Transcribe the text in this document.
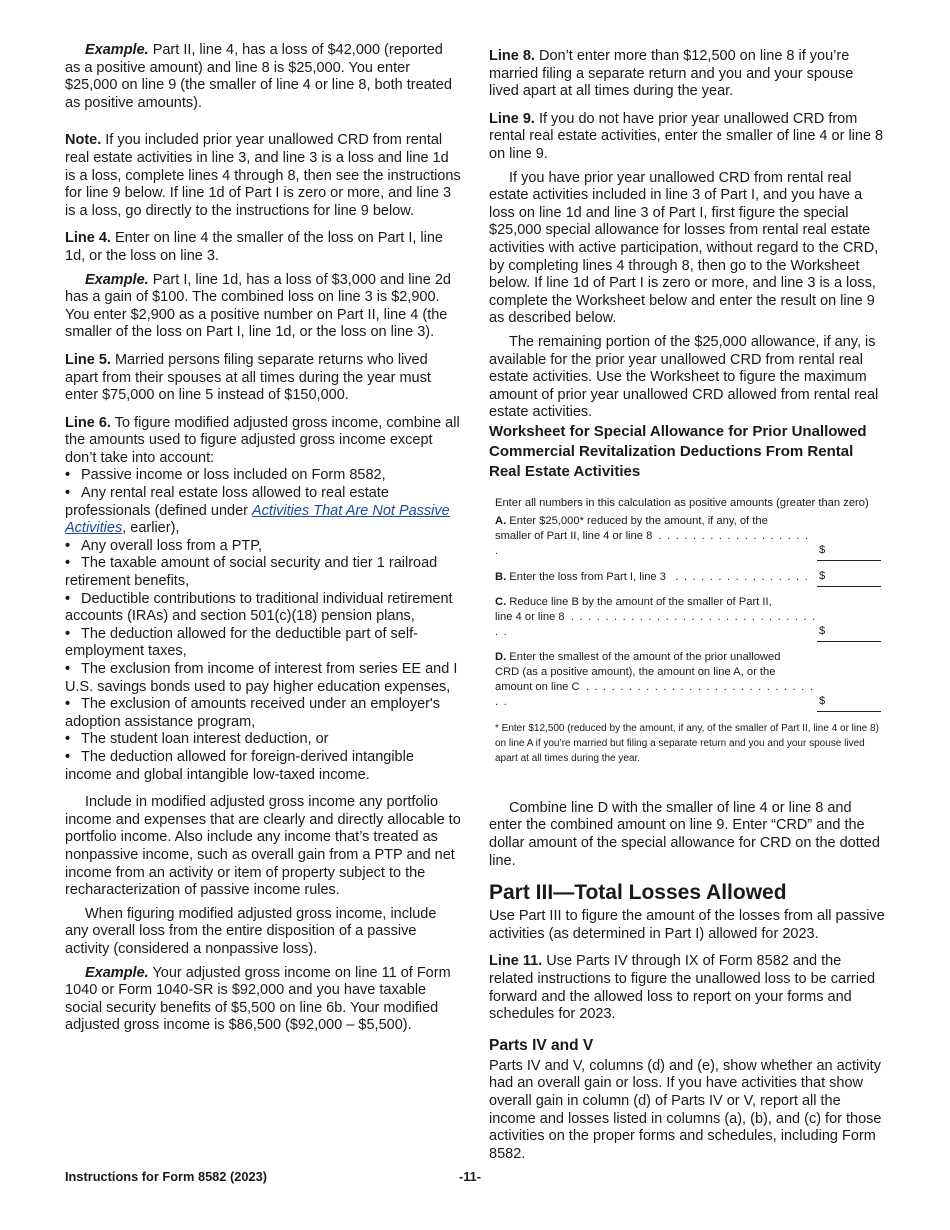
Example. Part II, line 4, has a loss of $42,000 (reported as a positive amount) and line 8 is $25,000. You enter $25,000 on line 9 (the smaller of line 4 or line 8, both treated as positive amounts).

Note. If you included prior year unallowed CRD from rental real estate activities in line 3, and line 3 is a loss and line 1d is a loss, complete lines 4 through 8, then see the instructions for line 9 below. If line 1d of Part I is zero or more, and line 3 is a loss, go directly to the instructions for line 9 below.

Line 4. Enter on line 4 the smaller of the loss on Part I, line 1d, or the loss on line 3.

Example. Part I, line 1d, has a loss of $3,000 and line 2d has a gain of $100. The combined loss on line 3 is $2,900. You enter $2,900 as a positive number on Part II, line 4 (the smaller of the loss on Part I, line 1d, or the loss on line 3).

Line 5. Married persons filing separate returns who lived apart from their spouses at all times during the year must enter $75,000 on line 5 instead of $150,000.

Line 6. To figure modified adjusted gross income, combine all the amounts used to figure adjusted gross income except don’t take into account:

• Passive income or loss included on Form 8582,
• Any rental real estate loss allowed to real estate professionals (defined under Activities That Are Not Passive Activities, earlier),
• Any overall loss from a PTP,
• The taxable amount of social security and tier 1 railroad retirement benefits,
• Deductible contributions to traditional individual retirement accounts (IRAs) and section 501(c)(18) pension plans,
• The deduction allowed for the deductible part of self-employment taxes,
• The exclusion from income of interest from series EE and I U.S. savings bonds used to pay higher education expenses,
• The exclusion of amounts received under an employer's adoption assistance program,
• The student loan interest deduction, or
• The deduction allowed for foreign-derived intangible income and global intangible low-taxed income.

Include in modified adjusted gross income any portfolio income and expenses that are clearly and directly allocable to portfolio income. Also include any income that’s treated as nonpassive income, such as overall gain from a PTP and net income from an activity or item of property subject to the recharacterization of passive income rules.

When figuring modified adjusted gross income, include any overall loss from the entire disposition of a passive activity (considered a nonpassive loss).

Example. Your adjusted gross income on line 11 of Form 1040 or Form 1040-SR is $92,000 and you have taxable social security benefits of $5,500 on line 6b. Your modified adjusted gross income is $86,500 ($92,000 – $5,500).

Line 8. Don’t enter more than $12,500 on line 8 if you’re married filing a separate return and you and your spouse lived apart at all times during the year.

Line 9. If you do not have prior year unallowed CRD from rental real estate activities, enter the smaller of line 4 or line 8 on line 9.

If you have prior year unallowed CRD from rental real estate activities included in line 3 of Part I, and you have a loss on line 1d and line 3 of Part I, first figure the special $25,000 special allowance for losses from rental real estate activities with active participation, without regard to the CRD, by completing lines 4 through 8, then go to the Worksheet below. If line 1d of Part I is zero or more, and line 3 is a loss, complete the Worksheet below and enter the result on line 9 as described below.

The remaining portion of the $25,000 allowance, if any, is available for the prior year unallowed CRD from rental real estate activities. Use the Worksheet to figure the maximum amount of prior year unallowed CRD allowed from rental real estate activities.

Worksheet for Special Allowance for Prior Unallowed Commercial Revitalization Deductions From Rental Real Estate Activities
Enter all numbers in this calculation as positive amounts (greater than zero)
A. Enter $25,000* reduced by the amount, if any, of the
smaller of Part II, line 4 or line 8 . . . . . . . . . . . . . . . . . . .	$
B. Enter the loss from Part I, line 3 . . . . . . . . . . . . . . . . $
C. Reduce line B by the amount of the smaller of Part II,
line 4 or line 8 . . . . . . . . . . . . . . . . . . . . . . . . . . . . . . .	$
D. Enter the smallest of the amount of the prior unallowed
CRD (as a positive amount), the amount on line A, or the
amount on line C . . . . . . . . . . . . . . . . . . . . . . . . . . . . .	$
* Enter $12,500 (reduced by the amount, if any, of the smaller of Part II, line 4 or line 8) on line A if you’re married but filing a separate return and you and your spouse lived apart at all times during the year.

Combine line D with the smaller of line 4 or line 8 and enter the combined amount on line 9. Enter “CRD” and the dollar amount of the special allowance for CRD on the dotted line.

Part III—Total Losses Allowed

Use Part III to figure the amount of the losses from all passive activities (as determined in Part I) allowed for 2023.

Line 11. Use Parts IV through IX of Form 8582 and the related instructions to figure the unallowed loss to be carried forward and the allowed loss to report on your forms and schedules for 2023.

Parts IV and V

Parts IV and V, columns (d) and (e), show whether an activity had an overall gain or loss. If you have activities that show overall gain in column (d) of Parts IV or V, report all the income and losses listed in columns (a), (b), and (c) for those activities on the proper forms and schedules, including Form 8582.

Instructions for Form 8582 (2023)	-11-
